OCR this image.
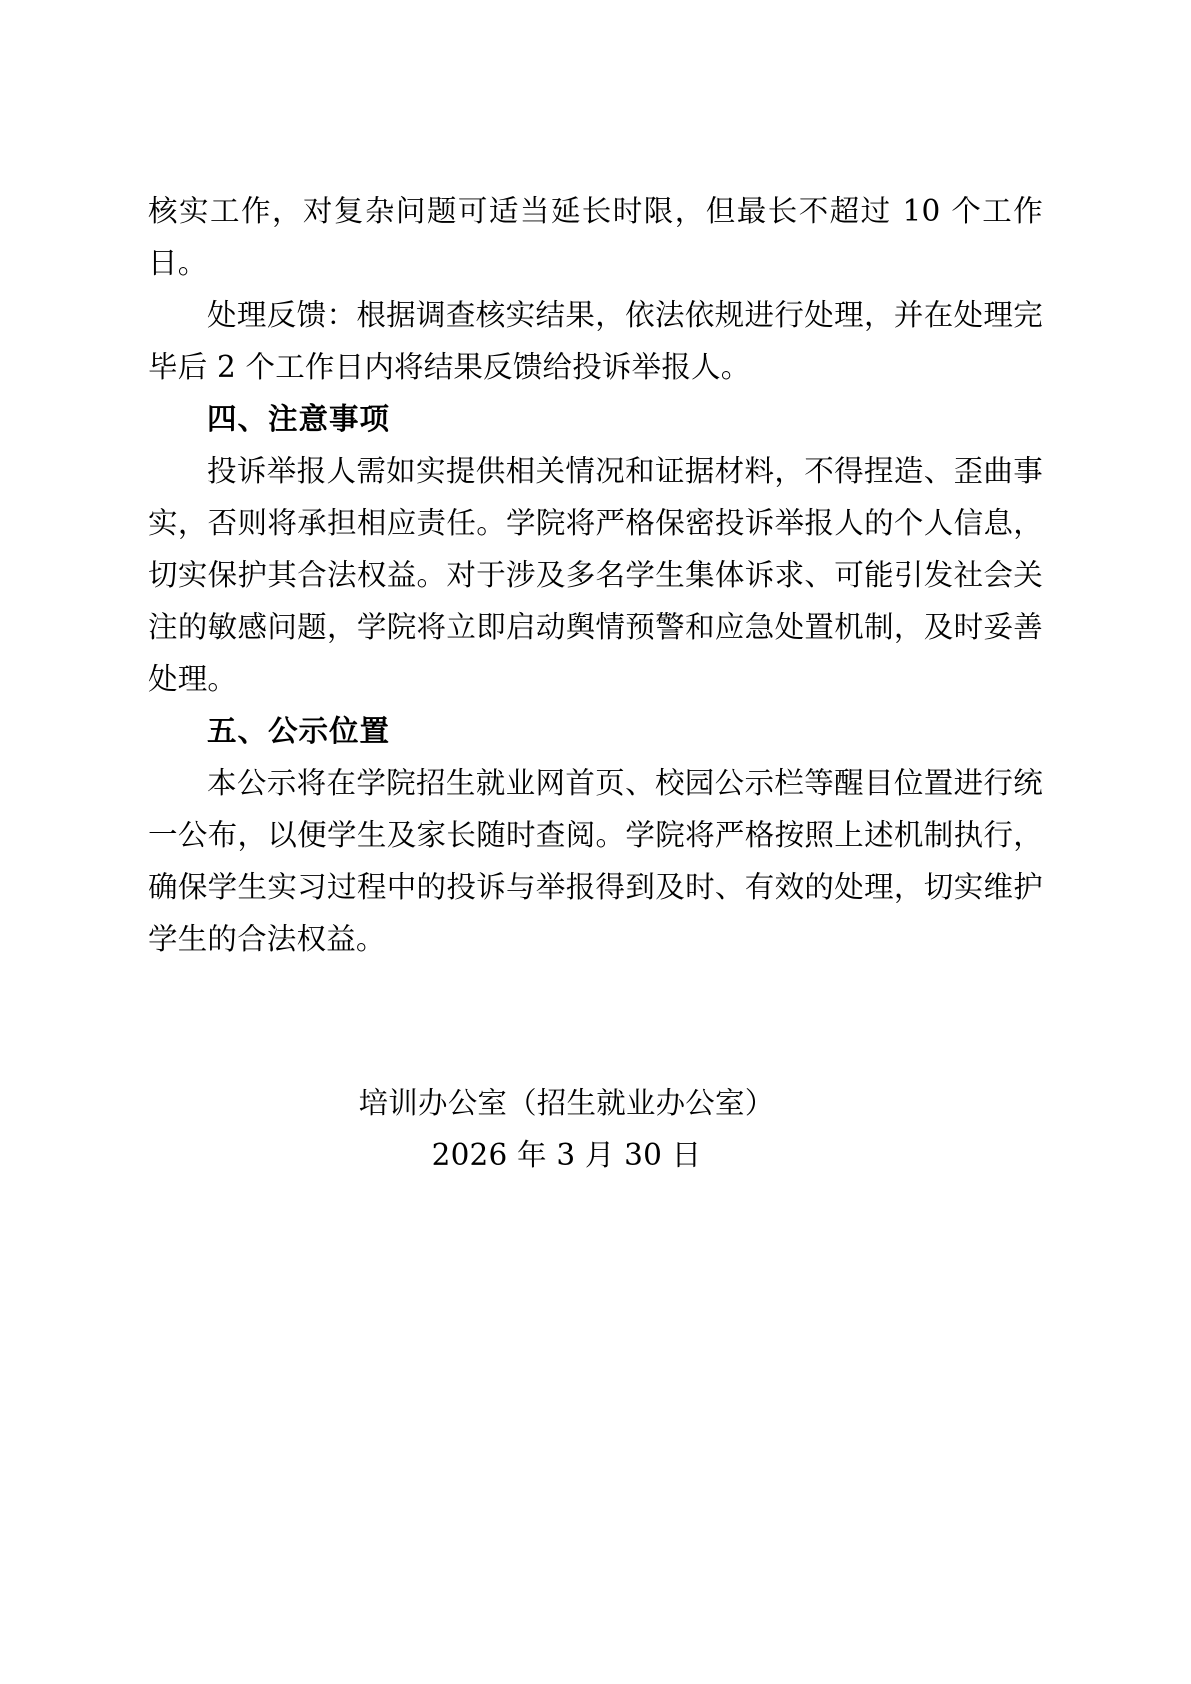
核实工作，对复杂问题可适当延长时限，但最长不超过 10 个工作日。

处理反馈：根据调查核实结果，依法依规进行处理，并在处理完毕后 2 个工作日内将结果反馈给投诉举报人。

四、注意事项

投诉举报人需如实提供相关情况和证据材料，不得捏造、歪曲事实，否则将承担相应责任。学院将严格保密投诉举报人的个人信息，切实保护其合法权益。对于涉及多名学生集体诉求、可能引发社会关注的敏感问题，学院将立即启动舆情预警和应急处置机制，及时妥善处理。

五、公示位置

本公示将在学院招生就业网首页、校园公示栏等醒目位置进行统一公布，以便学生及家长随时查阅。学院将严格按照上述机制执行，确保学生实习过程中的投诉与举报得到及时、有效的处理，切实维护学生的合法权益。

培训办公室（招生就业办公室）

2026 年 3 月 30 日
